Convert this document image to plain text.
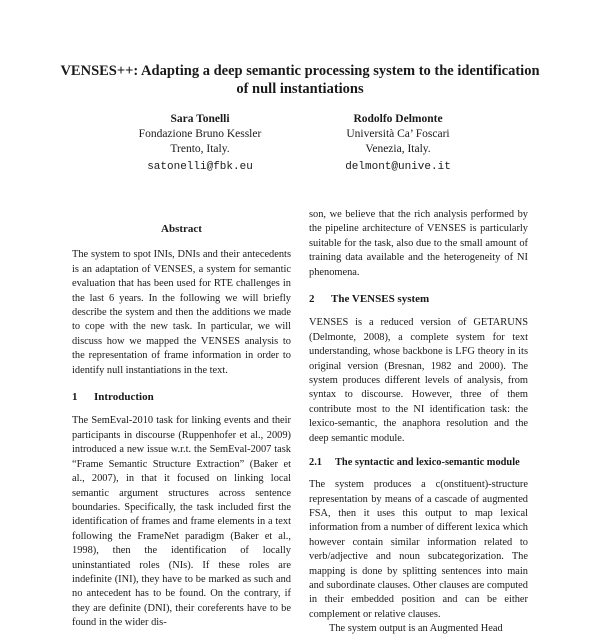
VENSES++: Adapting a deep semantic processing system to the identification of null instantiations
Sara Tonelli
Fondazione Bruno Kessler
Trento, Italy.
satonelli@fbk.eu
Rodolfo Delmonte
Università Ca’ Foscari
Venezia, Italy.
delmont@unive.it
Abstract

The system to spot INIs, DNIs and their antecedents is an adaptation of VENSES, a system for semantic evaluation that has been used for RTE challenges in the last 6 years. In the following we will briefly describe the system and then the additions we made to cope with the new task. In particular, we will discuss how we mapped the VENSES analysis to the representation of frame information in order to identify null instantiations in the text.

1	Introduction

The SemEval-2010 task for linking events and their participants in discourse (Ruppenhofer et al., 2009) introduced a new issue w.r.t. the SemEval-2007 task “Frame Semantic Structure Extraction” (Baker et al., 2007), in that it focused on linking local semantic argument structures across sentence boundaries. Specifically, the task included first the identification of frames and frame elements in a text following the FrameNet paradigm (Baker et al., 1998), then the identification of locally uninstantiated roles (NIs). If these roles are indefinite (INI), they have to be marked as such and no antecedent has to be found. On the contrary, if they are definite (DNI), their coreferents have to be found in the wider dis-

son, we believe that the rich analysis performed by the pipeline architecture of VENSES is particularly suitable for the task, also due to the small amount of training data available and the heterogeneity of NI phenomena.

2	The VENSES system

VENSES is a reduced version of GETARUNS (Delmonte, 2008), a complete system for text understanding, whose backbone is LFG theory in its original version (Bresnan, 1982 and 2000). The system produces different levels of analysis, from syntax to discourse. However, three of them contribute most to the NI identification task: the lexico-semantic, the anaphora resolution and the deep semantic module.

2.1	The syntactic and lexico-semantic module

The system produces a c(onstituent)-structure representation by means of a cascade of augmented FSA, then it uses this output to map lexical information from a number of different lexica which however contain similar information related to verb/adjective and noun subcategorization. The mapping is done by splitting sentences into main and subordinate clauses. Other clauses are computed in their embedded position and can be either complement or relative clauses.

The system output is an Augmented Head
